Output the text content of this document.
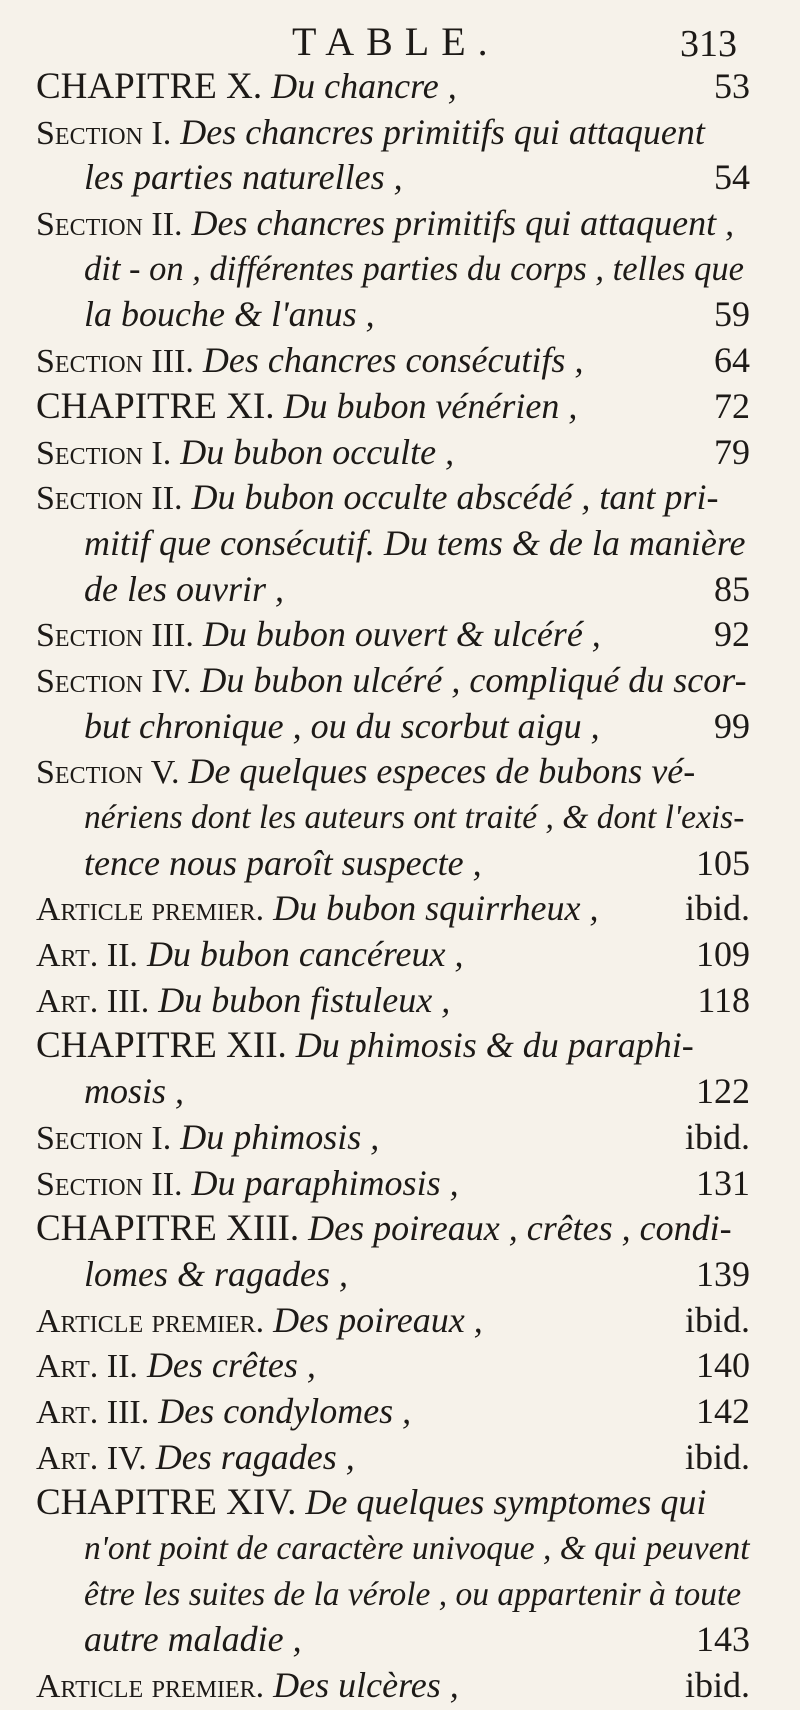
TABLE.	313
CHAPITRE X. Du chancre ,	53
Section I. Des chancres primitifs qui attaquent
les parties naturelles ,	54
Section II. Des chancres primitifs qui attaquent ,
dit - on , différentes parties du corps , telles que
la bouche & l'anus ,	59
Section III. Des chancres consécutifs ,	64
CHAPITRE XI. Du bubon vénérien ,	72
Section I. Du bubon occulte ,	79
Section II. Du bubon occulte abscédé , tant pri-
mitif que consécutif. Du tems & de la manière
de les ouvrir ,	85
Section III. Du bubon ouvert & ulcéré ,	92
Section IV. Du bubon ulcéré , compliqué du scor-
but chronique , ou du scorbut aigu ,	99
Section V. De quelques especes de bubons vé-
nériens dont les auteurs ont traité , & dont l'exis-
tence nous paroît suspecte ,	105
Article premier. Du bubon squirrheux , ibid.
Art. II. Du bubon cancéreux ,	109
Art. III. Du bubon fistuleux ,	118
CHAPITRE XII. Du phimosis & du paraphi-
mosis ,	122
Section I. Du phimosis ,	ibid.
Section II. Du paraphimosis ,	131
CHAPITRE XIII. Des poireaux , crêtes , condi-
lomes & ragades ,	139
Article premier. Des poireaux ,	ibid.
Art. II. Des crêtes ,	140
Art. III. Des condylomes ,	142
Art. IV. Des ragades ,	ibid.
CHAPITRE XIV. De quelques symptomes qui
n'ont point de caractère univoque , & qui peuvent
être les suites de la vérole , ou appartenir à toute
autre maladie ,	143
Article premier. Des ulcères ,	ibid.
